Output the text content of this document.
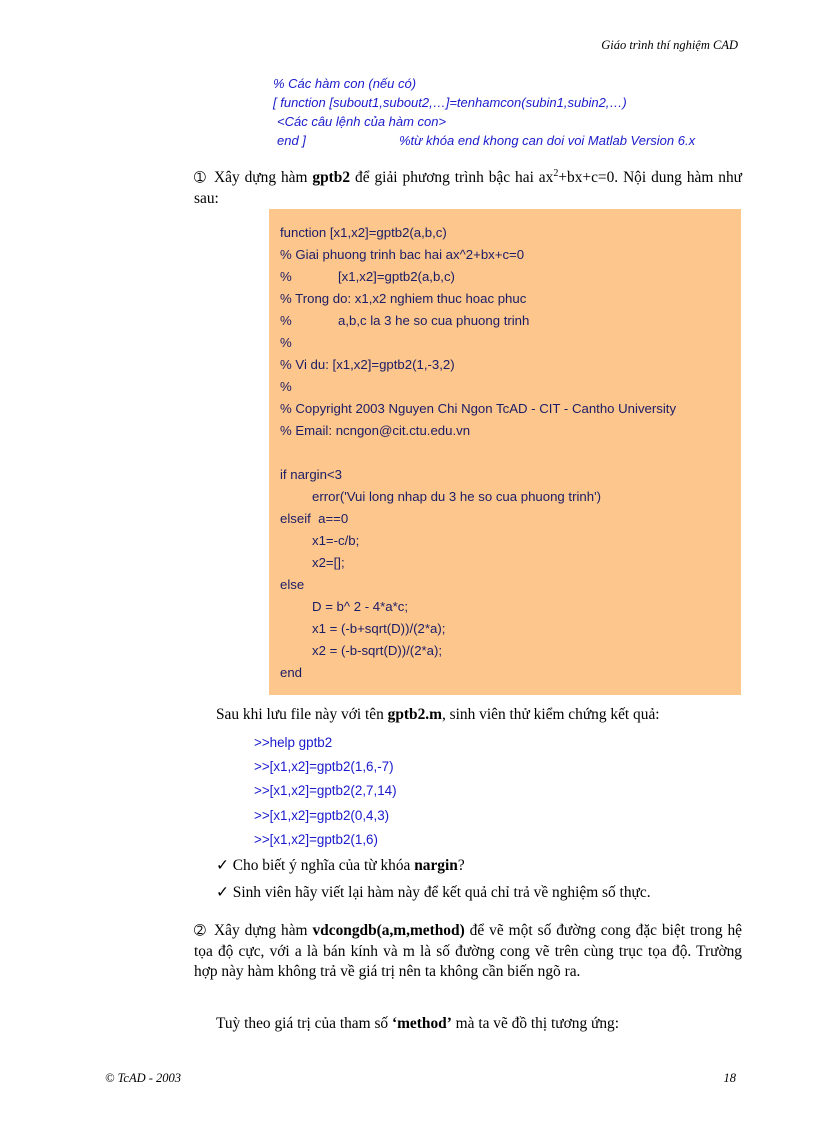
Giáo trình thí nghiệm CAD
% Các hàm con (nếu có)
[ function [subout1,subout2,…]=tenhamcon(subin1,subin2,…)
<Các câu lệnh của hàm con>
end ]	%từ khóa end khong can doi voi Matlab Version 6.x
➀ Xây dựng hàm gptb2 để giải phương trình bậc hai $ax^2+bx+c=0$. Nội dung hàm như sau:
function [x1,x2]=gptb2(a,b,c)
% Giai phuong trinh bac hai ax^2+bx+c=0
%	[x1,x2]=gptb2(a,b,c)
% Trong do: x1,x2 nghiem thuc hoac phuc
%	a,b,c la 3 he so cua phuong trinh
%
% Vi du: [x1,x2]=gptb2(1,-3,2)
%
% Copyright 2003 Nguyen Chi Ngon TcAD - CIT - Cantho University
% Email: ncngon@cit.ctu.edu.vn
if nargin<3
error('Vui long nhap du 3 he so cua phuong trinh')
elseif  a==0
x1=-c/b;
x2=[];
else
D = b^ 2 - 4*a*c;
x1 = (-b+sqrt(D))/(2*a);
x2 = (-b-sqrt(D))/(2*a);
end
Sau khi lưu file này với tên gptb2.m, sinh viên thử kiểm chứng kết quả:
>>help gptb2
>>[x1,x2]=gptb2(1,6,-7)
>>[x1,x2]=gptb2(2,7,14)
>>[x1,x2]=gptb2(0,4,3)
>>[x1,x2]=gptb2(1,6)
✓ Cho biết ý nghĩa của từ khóa nargin?
✓ Sinh viên hãy viết lại hàm này để kết quả chỉ trả về nghiệm số thực.
➁ Xây dựng hàm vdcongdb(a,m,method) để vẽ một số đường cong đặc biệt trong hệ tọa độ cực, với a là bán kính và m là số đường cong vẽ trên cùng trục tọa độ. Trường hợp này hàm không trả về giá trị nên ta không cần biến ngõ ra.
Tuỳ theo giá trị của tham số ‘method’ mà ta vẽ đồ thị tương ứng:
© TcAD - 2003	18
